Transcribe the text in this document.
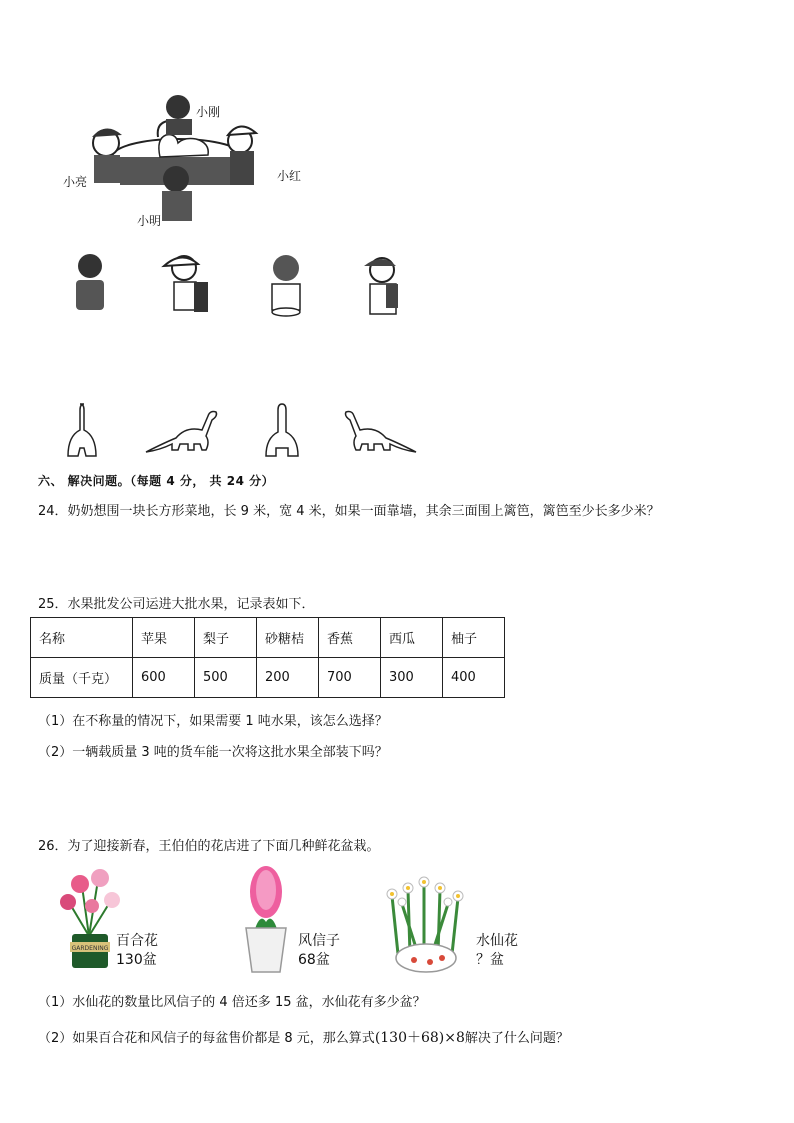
小刚
小亮	小红
小明
六、 解决问题。（每题 4 分， 共 24 分）
24．奶奶想围一块长方形菜地，长 9 米，宽 4 米，如果一面靠墙，其余三面围上篱笆，篱笆至少长多少米？
25．水果批发公司运进大批水果，记录表如下．
名称	苹果	梨子	砂糖桔	香蕉	西瓜	柚子
质量（千克）	600	500	200	700	300	400
（1）在不称量的情况下，如果需要 1 吨水果，该怎么选择？
（2）一辆载质量 3 吨的货车能一次将这批水果全部装下吗？
26．为了迎接新春，王伯伯的花店进了下面几种鲜花盆栽。
GARDENING 百合花
130盆
风信子
68盆
水仙花
？盆
（1）水仙花的数量比风信子的 4 倍还多 15 盆，水仙花有多少盆？
（2）如果百合花和风信子的每盆售价都是 8 元，那么算式(130＋68)×8解决了什么问题？
